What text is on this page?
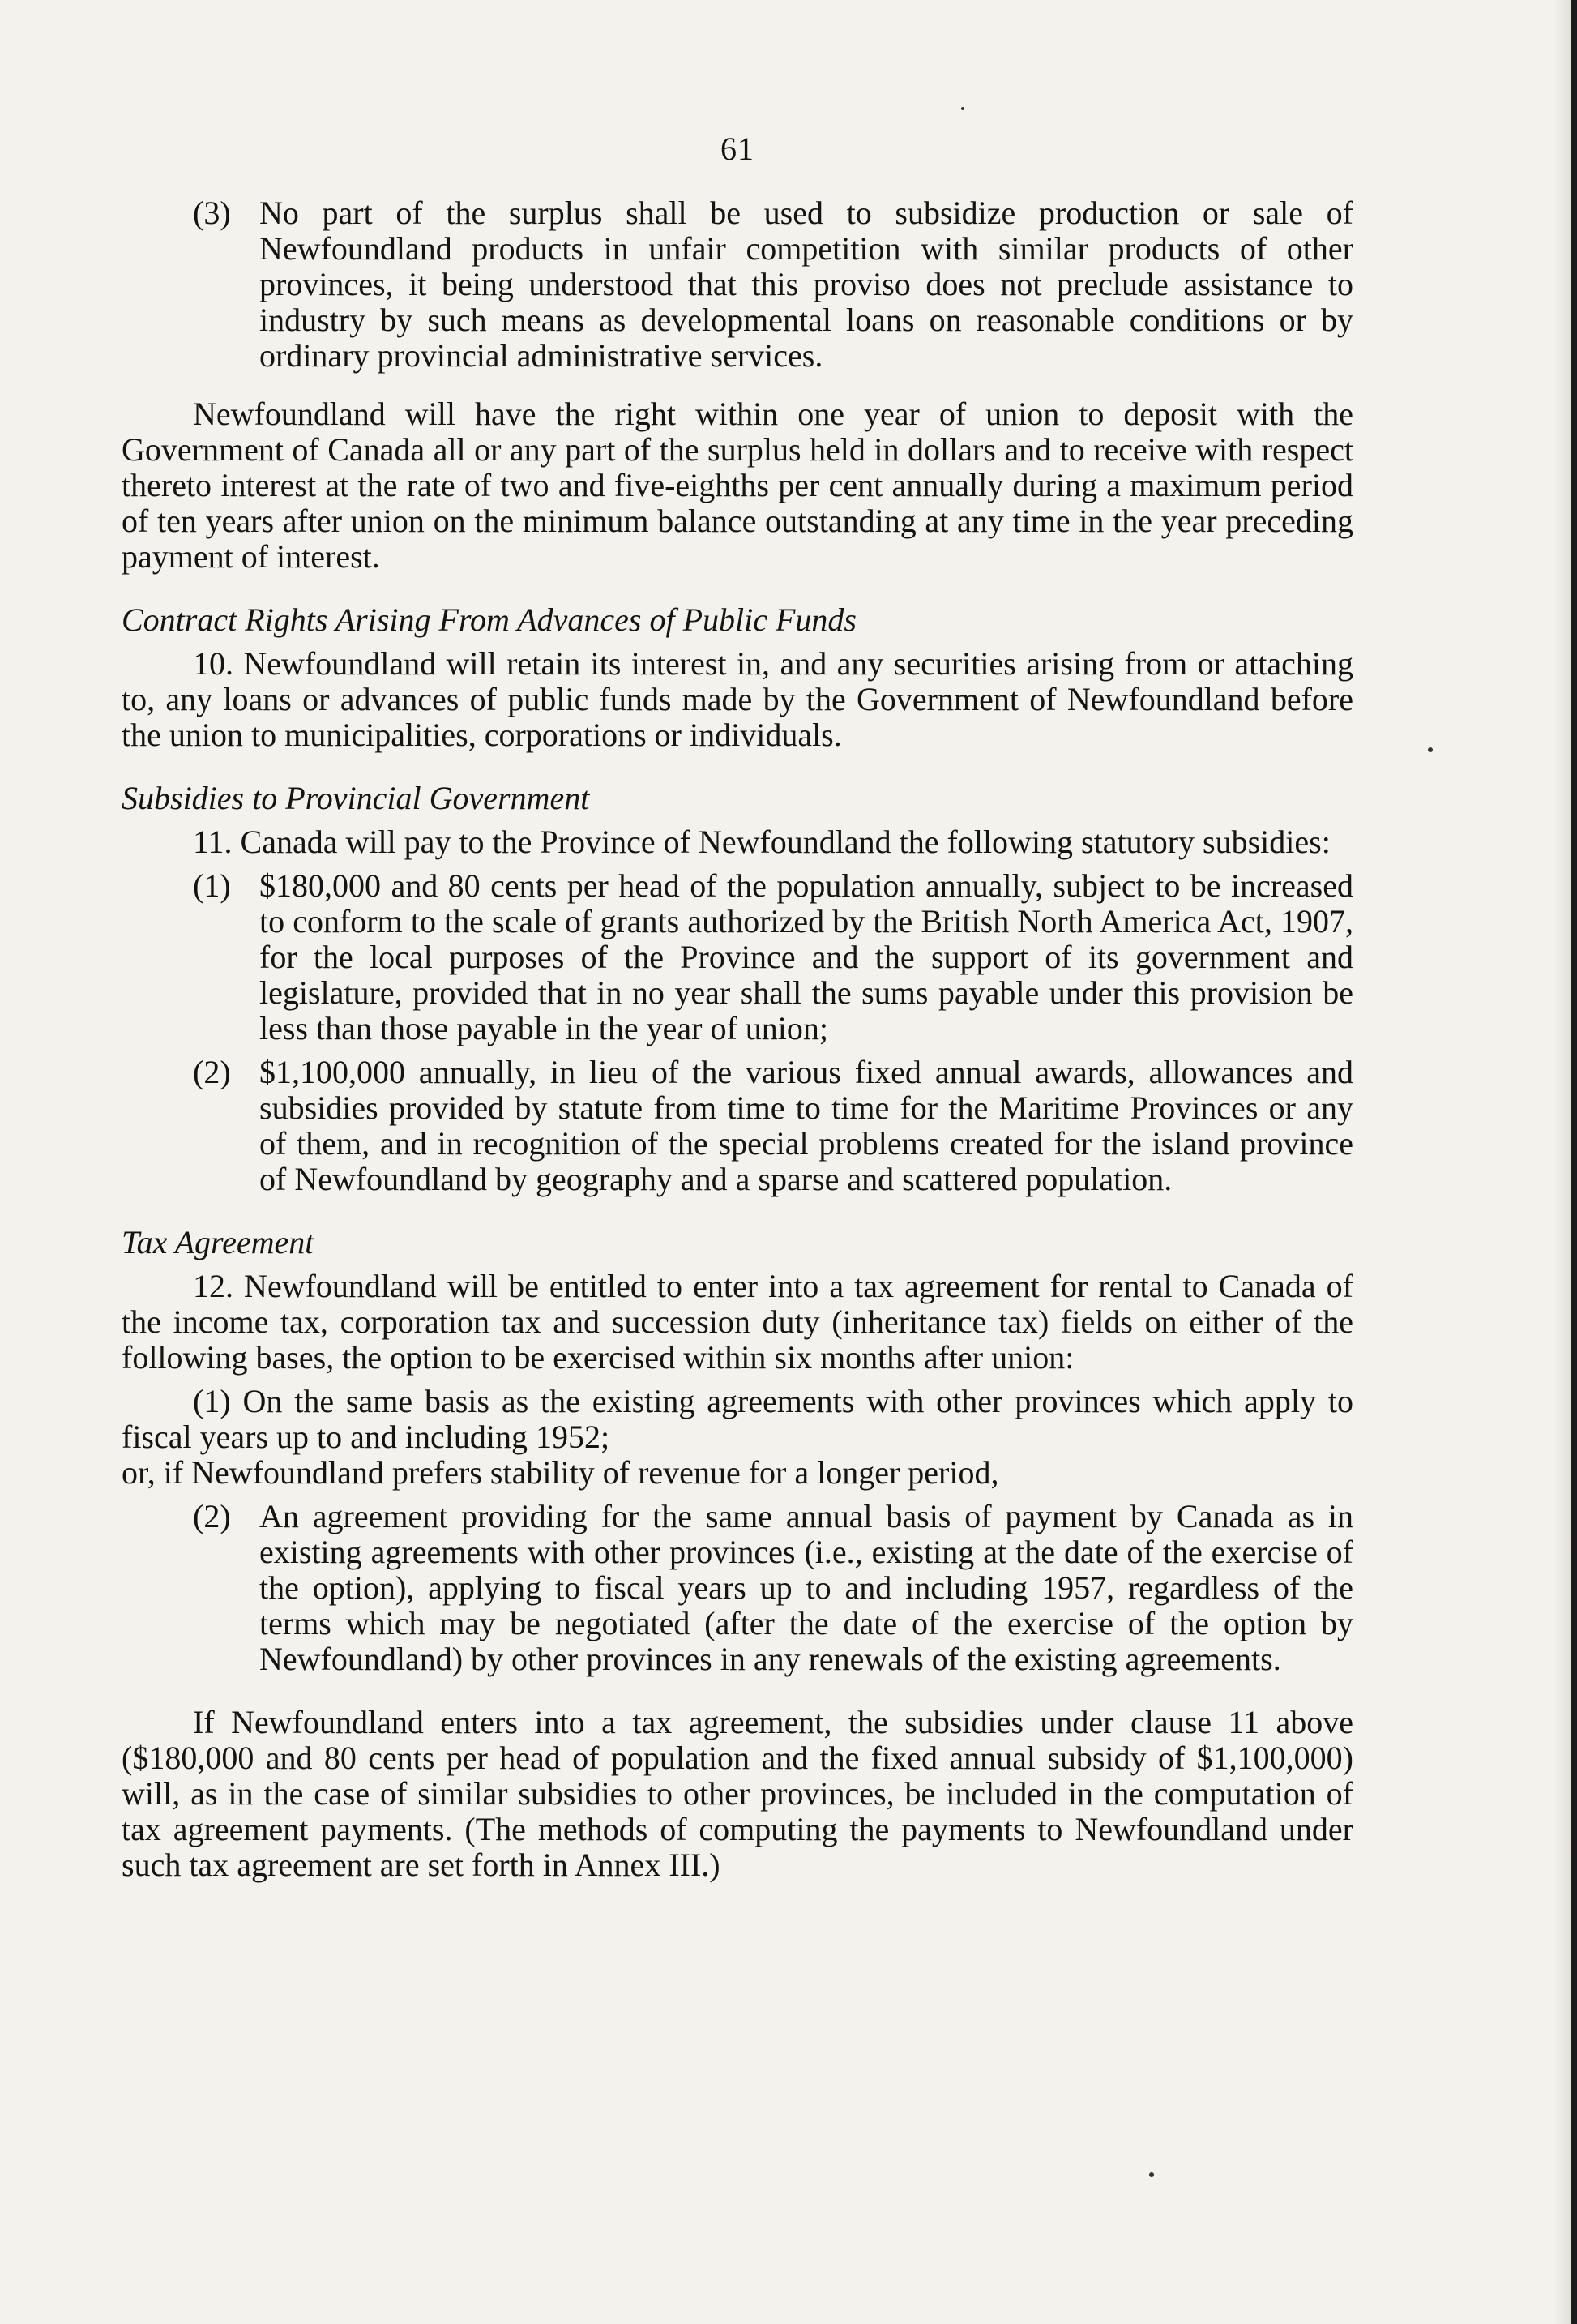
61

(3) No part of the surplus shall be used to subsidize production or sale of Newfoundland products in unfair competition with similar products of other provinces, it being understood that this proviso does not preclude assistance to industry by such means as developmental loans on reasonable conditions or by ordinary provincial administrative services.

Newfoundland will have the right within one year of union to deposit with the Government of Canada all or any part of the surplus held in dollars and to receive with respect thereto interest at the rate of two and five-eighths per cent annually during a maximum period of ten years after union on the minimum balance outstanding at any time in the year preceding payment of interest.

Contract Rights Arising From Advances of Public Funds

10. Newfoundland will retain its interest in, and any securities arising from or attaching to, any loans or advances of public funds made by the Government of Newfoundland before the union to municipalities, corporations or individuals.

Subsidies to Provincial Government

11. Canada will pay to the Province of Newfoundland the following statutory subsidies:

(1) $180,000 and 80 cents per head of the population annually, subject to be increased to conform to the scale of grants authorized by the British North America Act, 1907, for the local purposes of the Province and the support of its government and legislature, provided that in no year shall the sums payable under this provision be less than those payable in the year of union;

(2) $1,100,000 annually, in lieu of the various fixed annual awards, allowances and subsidies provided by statute from time to time for the Maritime Provinces or any of them, and in recognition of the special problems created for the island province of Newfoundland by geography and a sparse and scattered population.

Tax Agreement

12. Newfoundland will be entitled to enter into a tax agreement for rental to Canada of the income tax, corporation tax and succession duty (inheritance tax) fields on either of the following bases, the option to be exercised within six months after union:

(1) On the same basis as the existing agreements with other provinces which apply to fiscal years up to and including 1952;

or, if Newfoundland prefers stability of revenue for a longer period,

(2) An agreement providing for the same annual basis of payment by Canada as in existing agreements with other provinces (i.e., existing at the date of the exercise of the option), applying to fiscal years up to and including 1957, regardless of the terms which may be negotiated (after the date of the exercise of the option by Newfoundland) by other provinces in any renewals of the existing agreements.

If Newfoundland enters into a tax agreement, the subsidies under clause 11 above ($180,000 and 80 cents per head of population and the fixed annual subsidy of $1,100,000) will, as in the case of similar subsidies to other provinces, be included in the computation of tax agreement payments. (The methods of computing the payments to Newfoundland under such tax agreement are set forth in Annex III.)
